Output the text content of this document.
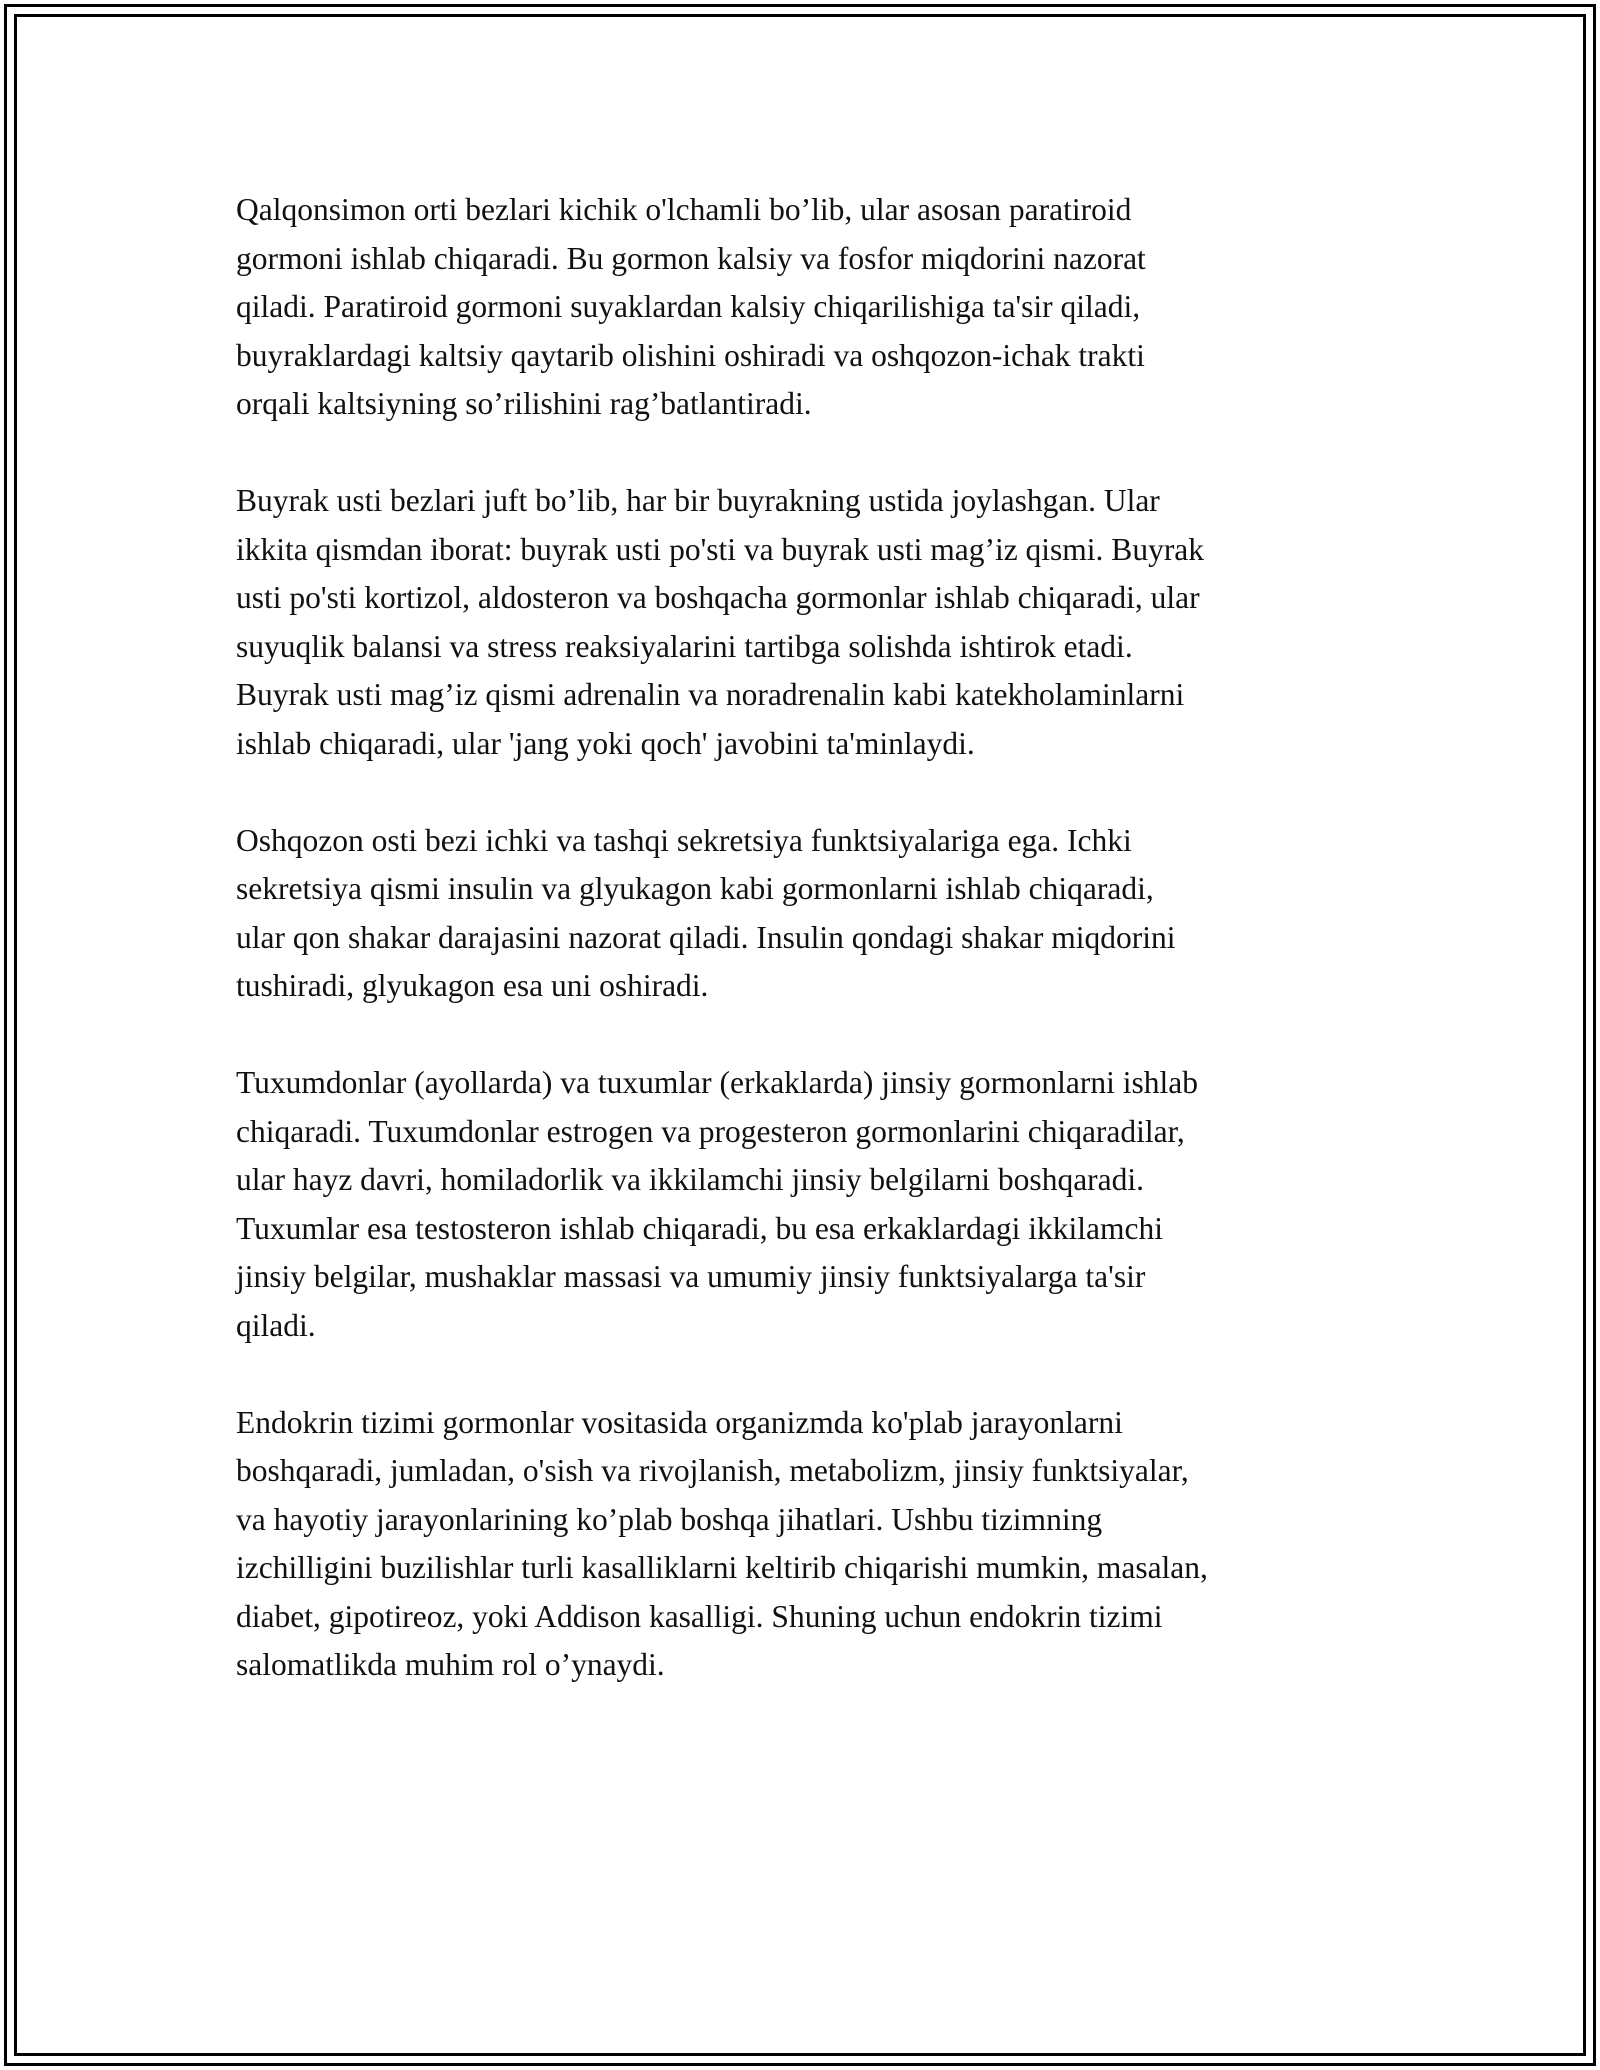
Qalqonsimon orti bezlari kichik o'lchamli bo’lib, ular asosan paratiroid
gormoni ishlab chiqaradi. Bu gormon kalsiy va fosfor miqdorini nazorat
qiladi. Paratiroid gormoni suyaklardan kalsiy chiqarilishiga ta'sir qiladi,
buyraklardagi kaltsiy qaytarib olishini oshiradi va oshqozon-ichak trakti
orqali kaltsiyning so’rilishini rag’batlantiradi.

Buyrak usti bezlari juft bo’lib, har bir buyrakning ustida joylashgan. Ular
ikkita qismdan iborat: buyrak usti po'sti va buyrak usti mag’iz qismi. Buyrak
usti po'sti kortizol, aldosteron va boshqacha gormonlar ishlab chiqaradi, ular
suyuqlik balansi va stress reaksiyalarini tartibga solishda ishtirok etadi.
Buyrak usti mag’iz qismi adrenalin va noradrenalin kabi katekholaminlarni
ishlab chiqaradi, ular 'jang yoki qoch' javobini ta'minlaydi.

Oshqozon osti bezi ichki va tashqi sekretsiya funktsiyalariga ega. Ichki
sekretsiya qismi insulin va glyukagon kabi gormonlarni ishlab chiqaradi,
ular qon shakar darajasini nazorat qiladi. Insulin qondagi shakar miqdorini
tushiradi, glyukagon esa uni oshiradi.

Tuxumdonlar (ayollarda) va tuxumlar (erkaklarda) jinsiy gormonlarni ishlab
chiqaradi. Tuxumdonlar estrogen va progesteron gormonlarini chiqaradilar,
ular hayz davri, homiladorlik va ikkilamchi jinsiy belgilarni boshqaradi.
Tuxumlar esa testosteron ishlab chiqaradi, bu esa erkaklardagi ikkilamchi
jinsiy belgilar, mushaklar massasi va umumiy jinsiy funktsiyalarga ta'sir
qiladi.

Endokrin tizimi gormonlar vositasida organizmda ko'plab jarayonlarni
boshqaradi, jumladan, o'sish va rivojlanish, metabolizm, jinsiy funktsiyalar,
va hayotiy jarayonlarining ko’plab boshqa jihatlari. Ushbu tizimning
izchilligini buzilishlar turli kasalliklarni keltirib chiqarishi mumkin, masalan,
diabet, gipotireoz, yoki Addison kasalligi. Shuning uchun endokrin tizimi
salomatlikda muhim rol o’ynaydi.
